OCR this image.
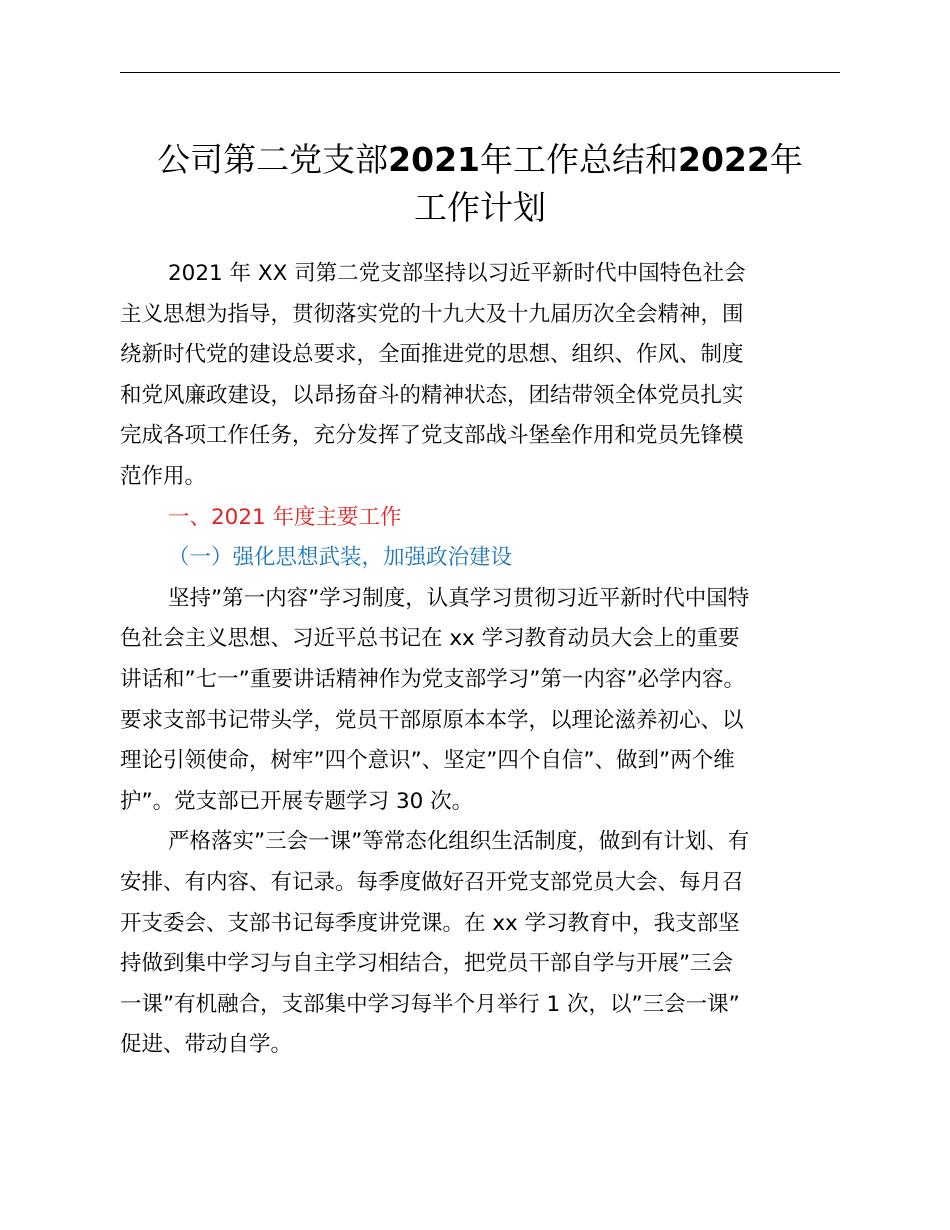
公司第二党支部2021年工作总结和2022年
工作计划
2021 年 XX 司第二党支部坚持以习近平新时代中国特色社会
主义思想为指导，贯彻落实党的十九大及十九届历次全会精神，围
绕新时代党的建设总要求，全面推进党的思想、组织、作风、制度
和党风廉政建设，以昂扬奋斗的精神状态，团结带领全体党员扎实
完成各项工作任务，充分发挥了党支部战斗堡垒作用和党员先锋模
范作用。
一、2021 年度主要工作
（一）强化思想武装，加强政治建设
坚持”第一内容”学习制度，认真学习贯彻习近平新时代中国特
色社会主义思想、习近平总书记在 xx 学习教育动员大会上的重要
讲话和”七一”重要讲话精神作为党支部学习”第一内容”必学内容。
要求支部书记带头学，党员干部原原本本学，以理论滋养初心、以
理论引领使命，树牢”四个意识”、坚定”四个自信”、做到”两个维
护”。党支部已开展专题学习 30 次。
严格落实”三会一课”等常态化组织生活制度，做到有计划、有
安排、有内容、有记录。每季度做好召开党支部党员大会、每月召
开支委会、支部书记每季度讲党课。在 xx 学习教育中，我支部坚
持做到集中学习与自主学习相结合，把党员干部自学与开展”三会
一课”有机融合，支部集中学习每半个月举行 1 次，以”三会一课”
促进、带动自学。
